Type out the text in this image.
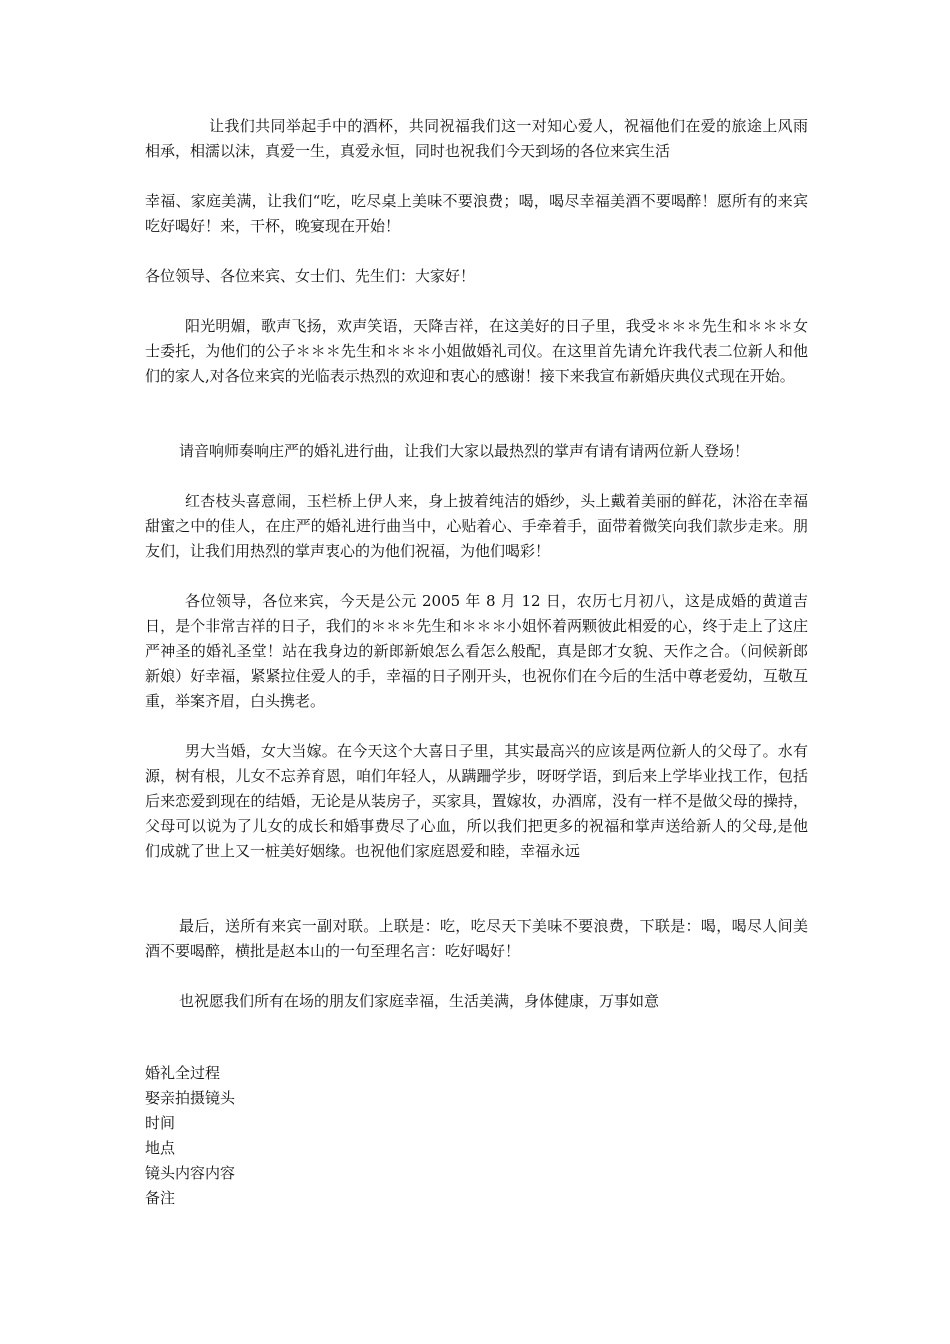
让我们共同举起手中的酒杯，共同祝福我们这一对知心爱人，祝福他们在爱的旅途上风雨相承，相濡以沫，真爱一生，真爱永恒，同时也祝我们今天到场的各位来宾生活

幸福、家庭美满，让我们“吃，吃尽桌上美味不要浪费；喝，喝尽幸福美酒不要喝醉！愿所有的来宾吃好喝好！来，干杯，晚宴现在开始！

各位领导、各位来宾、女士们、先生们：大家好！

阳光明媚，歌声飞扬，欢声笑语，天降吉祥，在这美好的日子里，我受＊＊＊先生和＊＊＊女士委托，为他们的公子＊＊＊先生和＊＊＊小姐做婚礼司仪。在这里首先请允许我代表二位新人和他们的家人,对各位来宾的光临表示热烈的欢迎和衷心的感谢！接下来我宣布新婚庆典仪式现在开始。

请音响师奏响庄严的婚礼进行曲，让我们大家以最热烈的掌声有请有请两位新人登场！

红杏枝头喜意闹，玉栏桥上伊人来，身上披着纯洁的婚纱，头上戴着美丽的鲜花，沐浴在幸福甜蜜之中的佳人，在庄严的婚礼进行曲当中，心贴着心、手牵着手，面带着微笑向我们款步走来。朋友们，让我们用热烈的掌声衷心的为他们祝福，为他们喝彩！

各位领导，各位来宾，今天是公元 2005 年 8 月 12 日，农历七月初八，这是成婚的黄道吉日，是个非常吉祥的日子，我们的＊＊＊先生和＊＊＊小姐怀着两颗彼此相爱的心，终于走上了这庄严神圣的婚礼圣堂！站在我身边的新郎新娘怎么看怎么般配，真是郎才女貌、天作之合。（问候新郎新娘）好幸福，紧紧拉住爱人的手，幸福的日子刚开头，也祝你们在今后的生活中尊老爱幼，互敬互重，举案齐眉，白头携老。

男大当婚，女大当嫁。在今天这个大喜日子里，其实最高兴的应该是两位新人的父母了。水有源，树有根，儿女不忘养育恩，咱们年轻人，从蹒跚学步，呀呀学语，到后来上学毕业找工作，包括后来恋爱到现在的结婚，无论是从装房子，买家具，置嫁妆，办酒席，没有一样不是做父母的操持，父母可以说为了儿女的成长和婚事费尽了心血，所以我们把更多的祝福和掌声送给新人的父母,是他们成就了世上又一桩美好姻缘。也祝他们家庭恩爱和睦，幸福永远

最后，送所有来宾一副对联。上联是：吃，吃尽天下美味不要浪费，下联是：喝，喝尽人间美酒不要喝醉，横批是赵本山的一句至理名言：吃好喝好！

也祝愿我们所有在场的朋友们家庭幸福，生活美满，身体健康，万事如意

婚礼全过程
娶亲拍摄镜头
时间
地点
镜头内容内容
备注
